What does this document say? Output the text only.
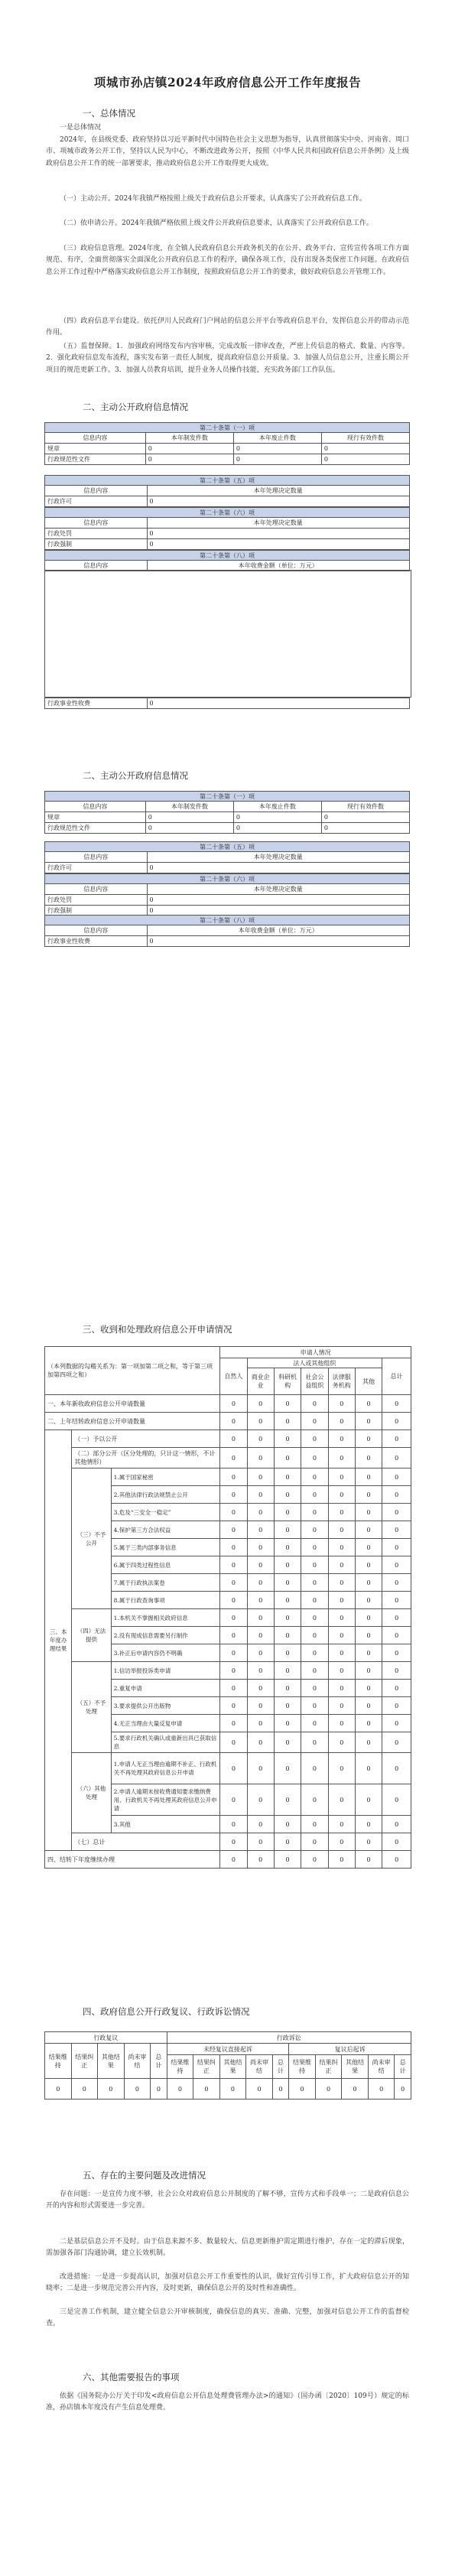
项城市孙店镇2024年政府信息公开工作年度报告
一、总体情况
一是总体情况
2024年，在县级党委、政府坚持以习近平新时代中国特色社会主义思想为指导，认真贯彻落实中央、河南省、周口市、项城市政务公开工作，坚持以人民为中心，不断改进政务公开，按照《中华人民共和国政府信息公开条例》及上级政府信息公开工作的统一部署要求，推动政府信息公开工作取得更大成效。
（一）主动公开。2024年我镇严格按照上级关于政府信息公开要求，认真落实了公开政府信息工作。
（二）依申请公开。2024年我镇严格依照上级文件公开政府信息要求，认真落实了公开政府信息工作。
（三）政府信息管理。2024年度，在全镇人民政府信息公开政务机关的在公开、政务平台、宣传宣传各项工作方面规范、有序，全面贯彻落实全面深化公开政府信息工作的程序，确保各项工作，没有出现各类保密工作问题。在政府信息公开工作过程中严格落实政府信息公开工作制度，按照政府信息公开工作的要求，做好政府信息公开管理工作。
（四）政府信息平台建设。依托伊川人民政府门户网站的信息公开平台等政府信息平台，发挥信息公开的带动示范作用。
（五）监督保障。1．加强政府网络发布内容审核，完成改版一律审改查，严密上传信息的格式、数量、内容等。2．强化政府信息发布流程，落实发布第一责任人制度，提高政府信息公开质量。3．加强人员信息公开，注重长期公开项目的规范更新工作。3．加强人员教育培训，提升业务人员操作技能，充实政务部门工作队伍。
二、主动公开政府信息情况
第二十条第（一）项			
信息内容	本年制发件数	本年废止件数	现行有效件数
规章	0	0	0
行政规范性文件	0	0	0
第二十条第（五）项	
信息内容	本年处理决定数量
行政许可	0
第二十条第（六）项	
信息内容	本年处理决定数量
行政处罚	0
行政强制	0
第二十条第（八）项
信息内容	本年收费金额（单位：万元）
行政事业性收费	0
二、主动公开政府信息情况
第二十条第（一）项			
信息内容	本年制发件数	本年废止件数	现行有效件数
规章	0	0	0
行政规范性文件	0	0	0
第二十条第（五）项	
信息内容	本年处理决定数量
行政许可	0
第二十条第（六）项	
信息内容	本年处理决定数量
行政处罚	0
行政强制	0
第二十条第（八）项	
信息内容	本年收费金额（单位：万元）
行政事业性收费	0
三、收到和处理政府信息公开申请情况
（本列数据的勾稽关系为：第一项加第二项之和，等于第三项加第四项之和）			申请人情况						
			自然人	法人或其他组织					总计
				商业企业	科研机构	社会公益组织	法律服务机构	其他	
一、本年新收政府信息公开申请数量			0	0	0	0	0	0	0
二、上年结转政府信息公开申请数量			0	0	0	0	0	0	0
三、本年度办理结果	（一）予以公开		0	0	0	0	0	0	0
	（二）部分公开（区分处理的，只计这一情形，不计其他情形）		0	0	0	0	0	0	0
	（三）不予公开	1.属于国家秘密	0	0	0	0	0	0	0
		2.其他法律行政法规禁止公开	0	0	0	0	0	0	0
		3.危及“三安全一稳定”	0	0	0	0	0	0	0
		4.保护第三方合法权益	0	0	0	0	0	0	0
		5.属于三类内部事务信息	0	0	0	0	0	0	0
		6.属于四类过程性信息	0	0	0	0	0	0	0
		7.属于行政执法案卷	0	0	0	0	0	0	0
		8.属于行政查询事项	0	0	0	0	0	0	0
	（四）无法提供	1.本机关不掌握相关政府信息	0	0	0	0	0	0	0
		2.没有现成信息需要另行制作	0	0	0	0	0	0	0
		3.补正后申请内容仍不明确	0	0	0	0	0	0	0
	（五）不予处理	1.信访举报投诉类申请	0	0	0	0	0	0	0
		2.重复申请	0	0	0	0	0	0	0
		3.要求提供公开出版物	0	0	0	0	0	0	0
		4.无正当理由大量反复申请	0	0	0	0	0	0	0
		5.要求行政机关确认或重新出具已获取信息	0	0	0	0	0	0	0
	（六）其他处理	1.申请人无正当理由逾期不补正、行政机关不再处理其政府信息公开申请	0	0	0	0	0	0	0
		2.申请人逾期未按收费通知要求缴纳费用、行政机关不再处理其政府信息公开申请	0	0	0	0	0	0	0
		3.其他	0	0	0	0	0	0	0
	（七）总计		0	0	0	0	0	0	0
四、结转下年度继续办理			0	0	0	0	0	0	0
四、政府信息公开行政复议、行政诉讼情况
行政复议					行政诉讼									
结果维持	结果纠正	其他结果	尚未审结	总计	未经复议直接起诉					复议后起诉				
					结果维持	结果纠正	其他结果	尚未审结	总计	结果维持	结果纠正	其他结果	尚未审结	总计
0	0	0	0	0	0	0	0	0	0	0	0	0	0	0
五、存在的主要问题及改进情况
存在问题：一是宣传力度不够，社会公众对政府信息公开制度的了解不够，宣传方式和手段单一；二是政府信息公开的内容和形式需要进一步完善。
二是基层信息公开不及时。由于信息来源不多、数量较大、信息更新维护需定期进行维护，存在一定的滞后现象，需加强各部门沟通协调，建立长效机制。
改进措施：一是进一步提高认识，加强对信息公开工作重要性的认识，做好宣传引导工作，扩大政府信息公开的知晓率；二是进一步规范完善公开内容，及时更新，确保信息公开的及时性和准确性。
三是完善工作机制，建立健全信息公开审核制度，确保信息的真实、准确、完整，加强对信息公开工作的监督检查。
六、其他需要报告的事项
依据《国务院办公厅关于印发<政府信息公开信息处理费管理办法>的通知》（国办函〔2020〕109号）规定的标准，孙店镇本年度没有产生信息处理费。
